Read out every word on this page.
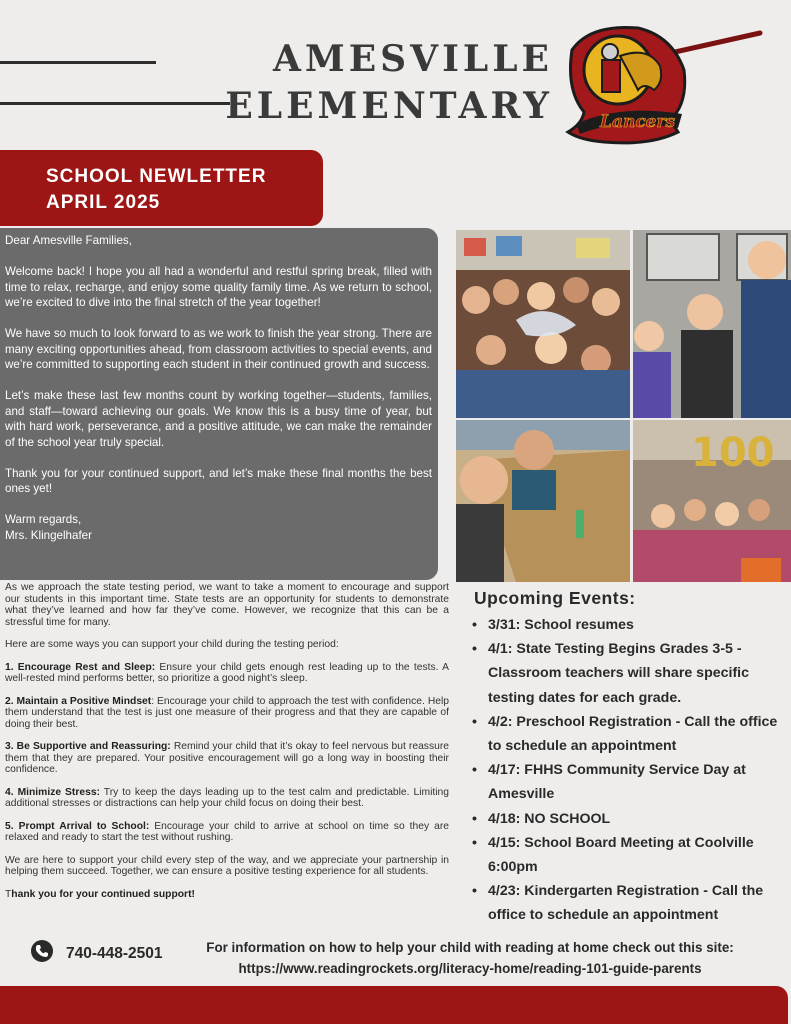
AMESVILLE
ELEMENTARY	Lancers
SCHOOL NEWLETTER
APRIL 2025

Dear Amesville Families,

Welcome back! I hope you all had a wonderful and restful spring break, filled with time to relax, recharge, and enjoy some quality family time. As we return to school, we’re excited to dive into the final stretch of the year together!

We have so much to look forward to as we work to finish the year strong. There are many exciting opportunities ahead, from classroom activities to special events, and we’re committed to supporting each student in their continued growth and success.

Let’s make these last few months count by working together—students, families, and staff—toward achieving our goals. We know this is a busy time of year, but with hard work, perseverance, and a positive attitude, we can make the remainder of the school year truly special.

Thank you for your continued support, and let’s make these final months the best ones yet!

Warm regards,

Mrs. Klingelhafer

100

As we approach the state testing period, we want to take a moment to encourage and support our students in this important time. State tests are an opportunity for students to demonstrate what they’ve learned and how far they’ve come. However, we recognize that this can be a stressful time for many.

Here are some ways you can support your child during the testing period:

1. Encourage Rest and Sleep: Ensure your child gets enough rest leading up to the tests. A well-rested mind performs better, so prioritize a good night’s sleep.

2. Maintain a Positive Mindset: Encourage your child to approach the test with confidence. Help them understand that the test is just one measure of their progress and that they are capable of doing their best.

3. Be Supportive and Reassuring: Remind your child that it’s okay to feel nervous but reassure them that they are prepared. Your positive encouragement will go a long way in boosting their confidence.

4. Minimize Stress: Try to keep the days leading up to the test calm and predictable. Limiting additional stresses or distractions can help your child focus on doing their best.

5. Prompt Arrival to School: Encourage your child to arrive at school on time so they are relaxed and ready to start the test without rushing.

We are here to support your child every step of the way, and we appreciate your partnership in helping them succeed. Together, we can ensure a positive testing experience for all students.

Thank you for your continued support!

Upcoming Events:
• 3/31: School resumes
• 4/1: State Testing Begins Grades 3-5 - Classroom teachers will share specific testing dates for each grade.
• 4/2: Preschool Registration - Call the office to schedule an appointment
• 4/17: FHHS Community Service Day at Amesville
• 4/18: NO SCHOOL
• 4/15: School Board Meeting at Coolville 6:00pm
• 4/23: Kindergarten Registration - Call the office to schedule an appointment
740-448-2501	For information on how to help your child with reading at home check out this site:
https://www.readingrockets.org/literacy-home/reading-101-guide-parents
